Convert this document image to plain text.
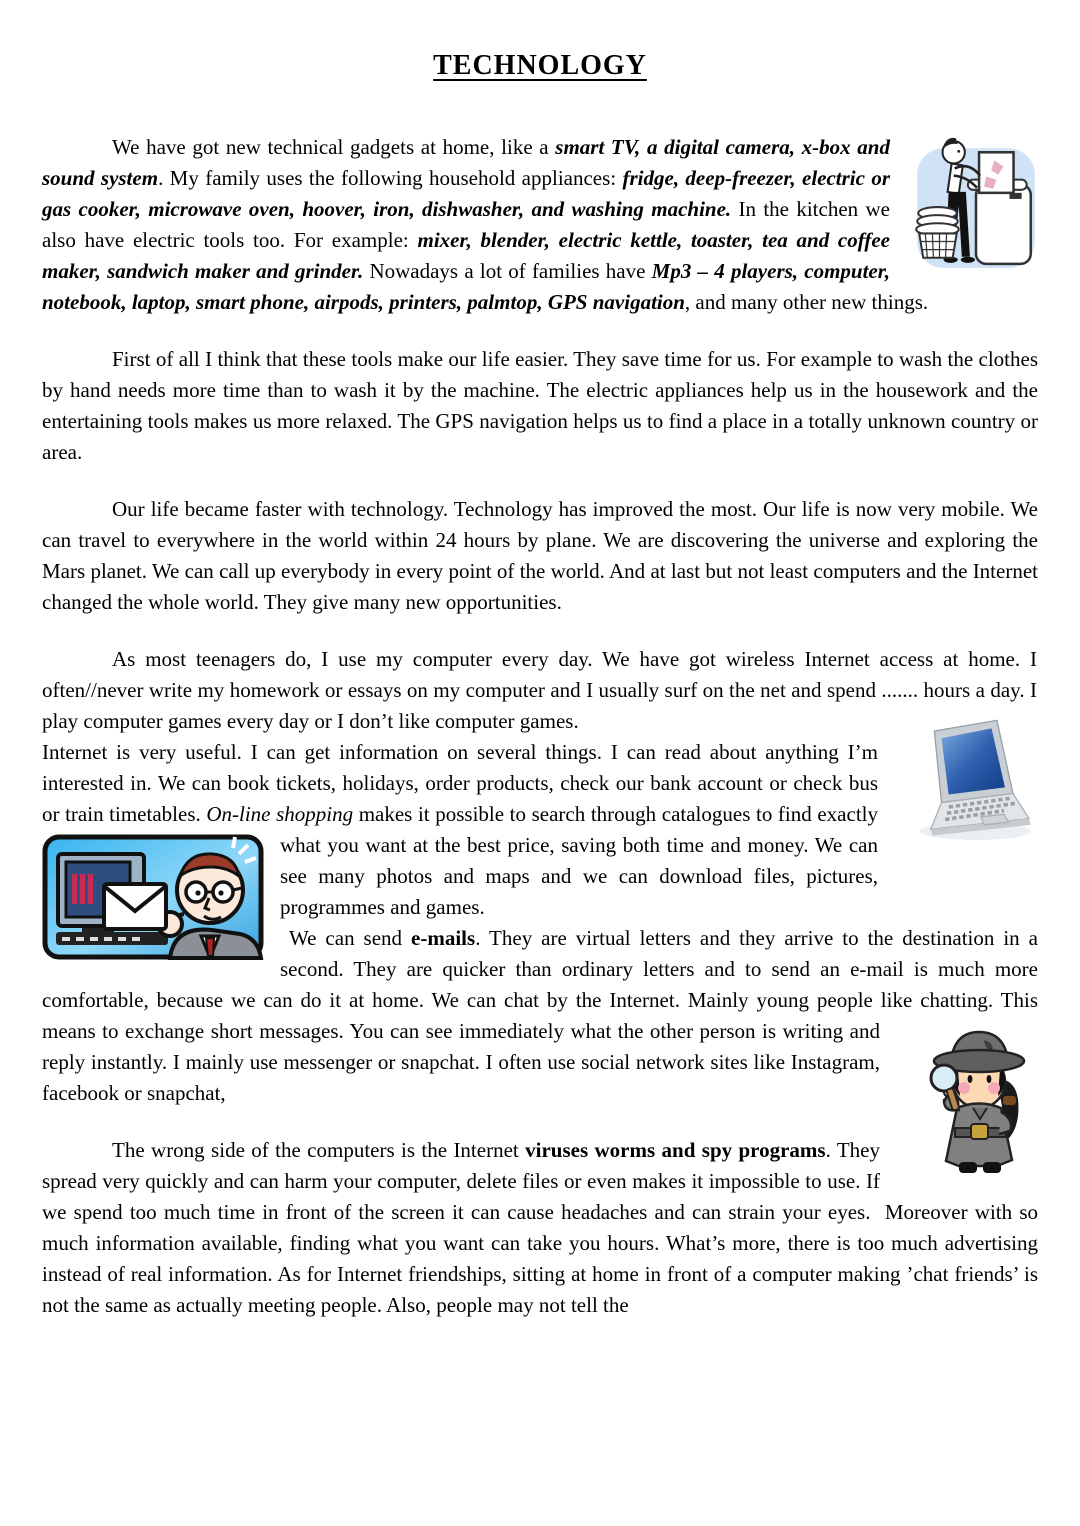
TECHNOLOGY

We have got new technical gadgets at home, like a smart TV, a digital camera, x-box and sound system. My family uses the following household appliances: fridge, deep-freezer, electric or gas cooker, microwave oven, hoover, iron, dishwasher, and washing machine. In the kitchen we also have electric tools too. For example: mixer, blender, electric kettle, toaster, tea and coffee maker, sandwich maker and grinder. Nowadays a lot of families have Mp3 – 4 players, computer, notebook, laptop, smart phone, airpods, printers, palmtop, GPS navigation, and many other new things.

First of all I think that these tools make our life easier. They save time for us. For example to wash the clothes by hand needs more time than to wash it by the machine. The electric appliances help us in the housework and the entertaining tools makes us more relaxed. The GPS navigation helps us to find a place in a totally unknown country or area.

Our life became faster with technology. Technology has improved the most. Our life is now very mobile. We can travel to everywhere in the world within 24 hours by plane. We are discovering the universe and exploring the Mars planet. We can call up everybody in every point of the world. And at last but not least computers and the Internet changed the whole world. They give many new opportunities.

As most teenagers do, I use my computer every day. We have got wireless Internet access at home. I often//never write my homework or essays on my computer and I usually surf on the net and spend ....... hours a day. I play computer games every day or I don’t like computer games.

Internet is very useful. I can get information on several things. I can read about anything I’m interested in. We can book tickets, holidays, order products, check our bank account or check bus or train timetables. On-line shopping makes it possible to search through catalogues to find exactly what you want at
the best price, saving both time and money. We can see many photos and maps and we can download files, pictures, programmes and games.
We can send e-mails. They are virtual letters and they arrive to the destination in a second. They are quicker than ordinary letters and to send an e-mail is much more comfortable, because we can do it at home. We can chat by the Internet. Mainly young people like chatting. This means to exchange short
messages. You can see immediately what the other person is writing and reply instantly. I mainly use messenger or snapchat. I often use social network sites like Instagram, facebook or snapchat,

The wrong side of the computers is the Internet viruses worms and spy programs. They spread very quickly and can harm your computer, delete files or even makes it impossible to use. If we spend too much time in front of the screen it can cause headaches and can strain your eyes.  Moreover with so much information available, finding what you want can take you hours. What’s more, there is too much advertising instead of real information. As for Internet friendships, sitting at home in front of a computer making ’chat friends’ is not the same as actually meeting people. Also, people may not tell the
